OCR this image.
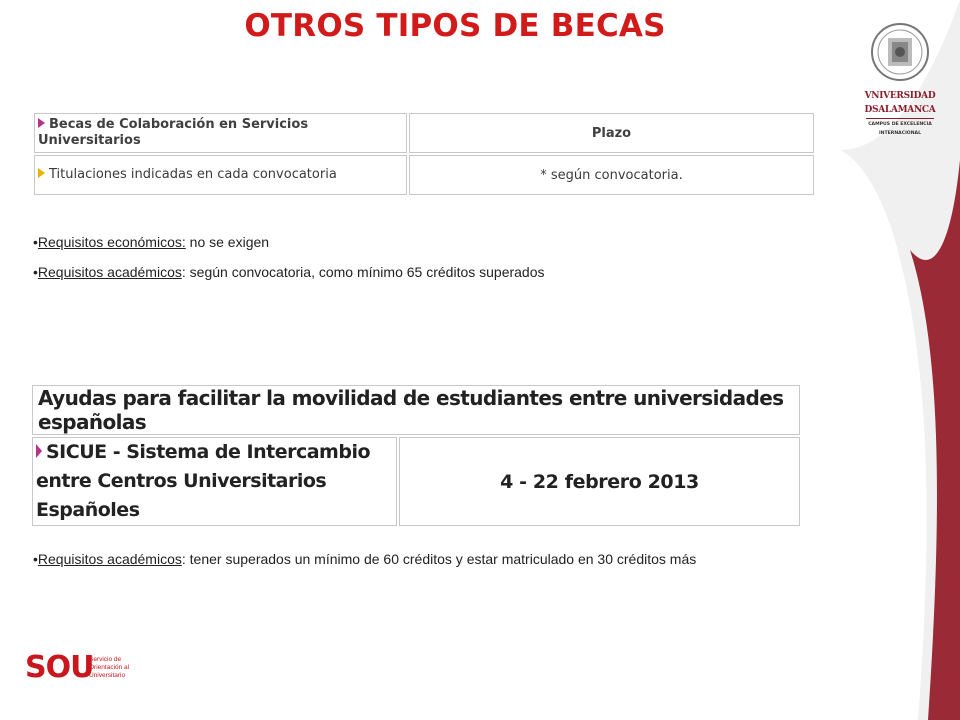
OTROS TIPOS DE BECAS
VNIVERSIDAD
DSALAMANCA
CAMPUS DE EXCELENCIA
INTERNACIONAL
Becas de Colaboración en Servicios Universitarios	Plazo
Titulaciones indicadas en cada convocatoria	* según convocatoria.
•Requisitos económicos: no se exigen
•Requisitos académicos: según convocatoria, como mínimo 65 créditos superados
Ayudas para facilitar la movilidad de estudiantes entre universidades españolas
SICUE - Sistema de Intercambio entre Centros Universitarios Españoles	4 - 22 febrero 2013
•Requisitos académicos: tener superados un mínimo de 60 créditos y estar matriculado en 30 créditos más
SOU
Servicio de
Orientación al
Universitario
